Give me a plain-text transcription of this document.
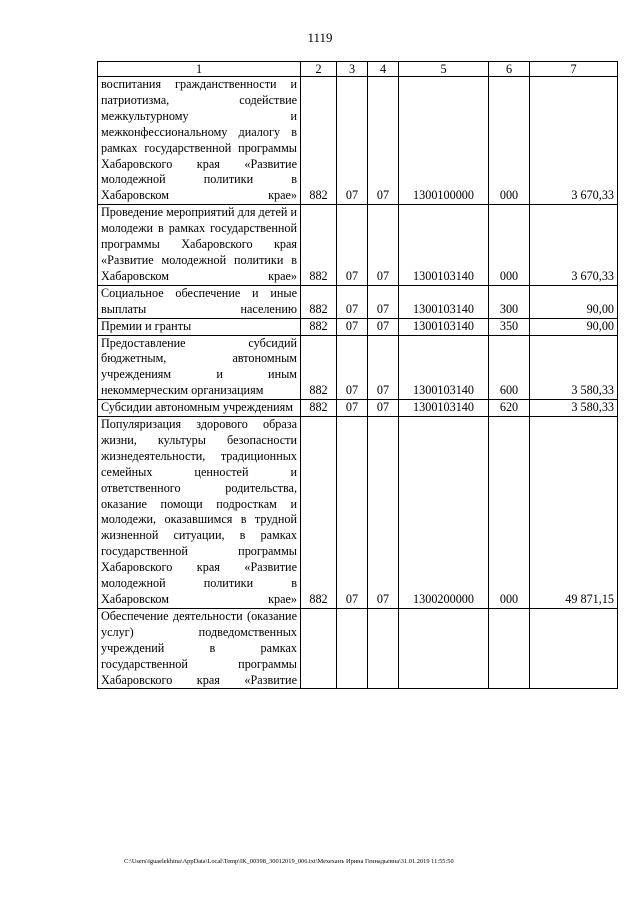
1119
1	2	3	4	5	6	7
воспитания гражданственности и патриотизма, содействие межкультурному и межконфессиональному диалогу в рамках государственной программы Хабаровского края «Развитие молодежной политики в Хабаровском крае»	882	07	07	1300100000	000	3 670,33
Проведение мероприятий для детей и молодежи в рамках государственной программы Хабаровского края «Развитие молодежной политики в Хабаровском крае»	882	07	07	1300103140	000	3 670,33
Социальное обеспечение и иные выплаты населению	882	07	07	1300103140	300	90,00
Премии и гранты	882	07	07	1300103140	350	90,00
Предоставление субсидий бюджетным, автономным учреждениям и иным некоммерческим организациям	882	07	07	1300103140	600	3 580,33
Субсидии автономным учреждениям	882	07	07	1300103140	620	3 580,33
Популяризация здорового образа жизни, культуры безопасности жизнедеятельности, традиционных семейных ценностей и ответственного родительства, оказание помощи подросткам и молодежи, оказавшимся в трудной жизненной ситуации, в рамках государственной программы Хабаровского края «Развитие молодежной политики в Хабаровском крае»	882	07	07	1300200000	000	49 871,15
Обеспечение деятельности (оказание услуг) подведомственных учреждений в рамках государственной программы Хабаровского края «Развитие						
C:\Users\iguaelekhina\AppData\Local\Temp\IK_00398_30012019_006.txt\Мехеханъ Ирина Геннадьевна\31.01.2019 11:55:50
